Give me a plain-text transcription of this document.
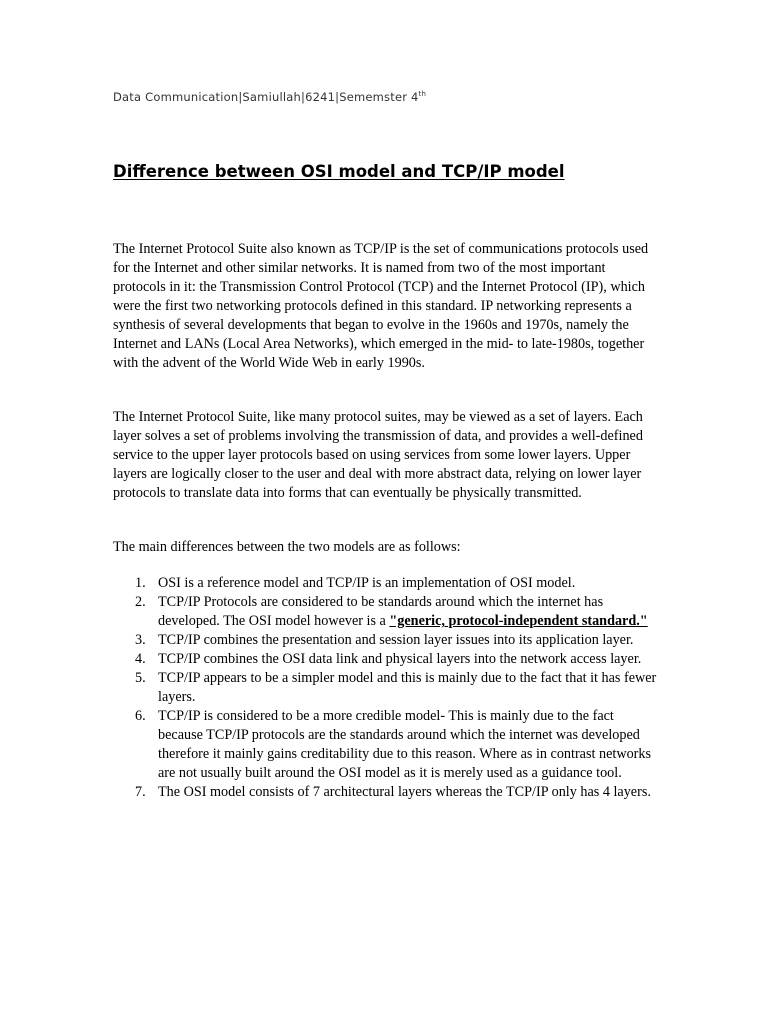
Data Communication|Samiullah|6241|Sememster 4th
Difference between OSI model and TCP/IP model

The Internet Protocol Suite also known as TCP/IP is the set of communications protocols used for the Internet and other similar networks. It is named from two of the most important protocols in it: the Transmission Control Protocol (TCP) and the Internet Protocol (IP), which were the first two networking protocols defined in this standard. IP networking represents a synthesis of several developments that began to evolve in the 1960s and 1970s, namely the Internet and LANs (Local Area Networks), which emerged in the mid- to late-1980s, together with the advent of the World Wide Web in early 1990s.

The Internet Protocol Suite, like many protocol suites, may be viewed as a set of layers. Each layer solves a set of problems involving the transmission of data, and provides a well-defined service to the upper layer protocols based on using services from some lower layers. Upper layers are logically closer to the user and deal with more abstract data, relying on lower layer protocols to translate data into forms that can eventually be physically transmitted.

The main differences between the two models are as follows:

1. OSI is a reference model and TCP/IP is an implementation of OSI model.
2. TCP/IP Protocols are considered to be standards around which the internet has developed. The OSI model however is a "generic, protocol-independent standard."
3. TCP/IP combines the presentation and session layer issues into its application layer.
4. TCP/IP combines the OSI data link and physical layers into the network access layer.
5. TCP/IP appears to be a simpler model and this is mainly due to the fact that it has fewer layers.
6. TCP/IP is considered to be a more credible model- This is mainly due to the fact because TCP/IP protocols are the standards around which the internet was developed therefore it mainly gains creditability due to this reason. Where as in contrast networks are not usually built around the OSI model as it is merely used as a guidance tool.
7. The OSI model consists of 7 architectural layers whereas the TCP/IP only has 4 layers.
